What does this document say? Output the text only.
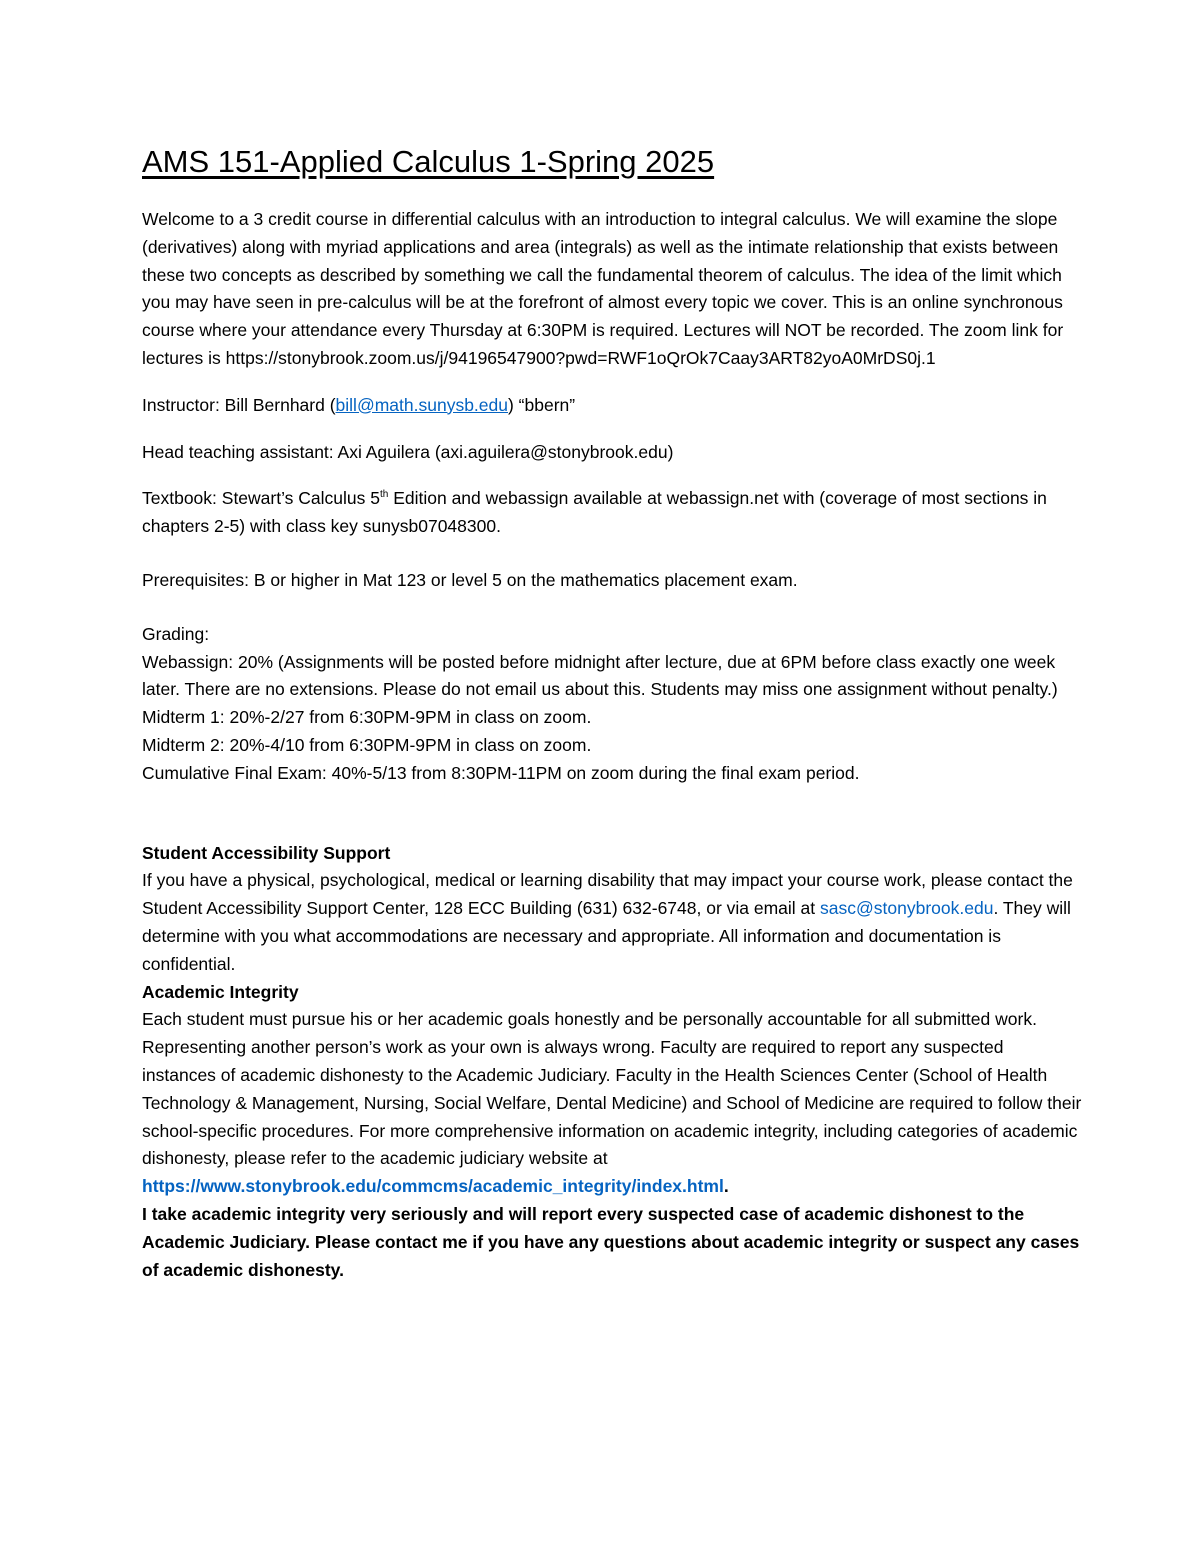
AMS 151-Applied Calculus 1-Spring 2025

Welcome to a 3 credit course in differential calculus with an introduction to integral calculus. We will examine the slope (derivatives) along with myriad applications and area (integrals) as well as the intimate relationship that exists between these two concepts as described by something we call the fundamental theorem of calculus. The idea of the limit which you may have seen in pre-calculus will be at the forefront of almost every topic we cover. This is an online synchronous course where your attendance every Thursday at 6:30PM is required. Lectures will NOT be recorded. The zoom link for lectures is https://stonybrook.zoom.us/j/94196547900?pwd=RWF1oQrOk7Caay3ART82yoA0MrDS0j.1

Instructor: Bill Bernhard (bill@math.sunysb.edu) “bbern”

Head teaching assistant: Axi Aguilera (axi.aguilera@stonybrook.edu)

Textbook: Stewart’s Calculus 5th Edition and webassign available at webassign.net with (coverage of most sections in chapters 2-5) with class key sunysb07048300.

Prerequisites: B or higher in Mat 123 or level 5 on the mathematics placement exam.

Grading:
Webassign: 20% (Assignments will be posted before midnight after lecture, due at 6PM before class exactly one week later. There are no extensions. Please do not email us about this. Students may miss one assignment without penalty.)
Midterm 1: 20%-2/27 from 6:30PM-9PM in class on zoom.
Midterm 2: 20%-4/10 from 6:30PM-9PM in class on zoom.
Cumulative Final Exam: 40%-5/13 from 8:30PM-11PM on zoom during the final exam period.
Student Accessibility Support
If you have a physical, psychological, medical or learning disability that may impact your course work, please contact the Student Accessibility Support Center, 128 ECC Building (631) 632-6748, or via email at sasc@stonybrook.edu. They will determine with you what accommodations are necessary and appropriate. All information and documentation is confidential.
Academic Integrity
Each student must pursue his or her academic goals honestly and be personally accountable for all submitted work. Representing another person’s work as your own is always wrong. Faculty are required to report any suspected instances of academic dishonesty to the Academic Judiciary. Faculty in the Health Sciences Center (School of Health Technology & Management, Nursing, Social Welfare, Dental Medicine) and School of Medicine are required to follow their school-specific procedures. For more comprehensive information on academic integrity, including categories of academic dishonesty, please refer to the academic judiciary website at
https://www.stonybrook.edu/commcms/academic_integrity/index.html.
I take academic integrity very seriously and will report every suspected case of academic dishonest to the Academic Judiciary. Please contact me if you have any questions about academic integrity or suspect any cases of academic dishonesty.
